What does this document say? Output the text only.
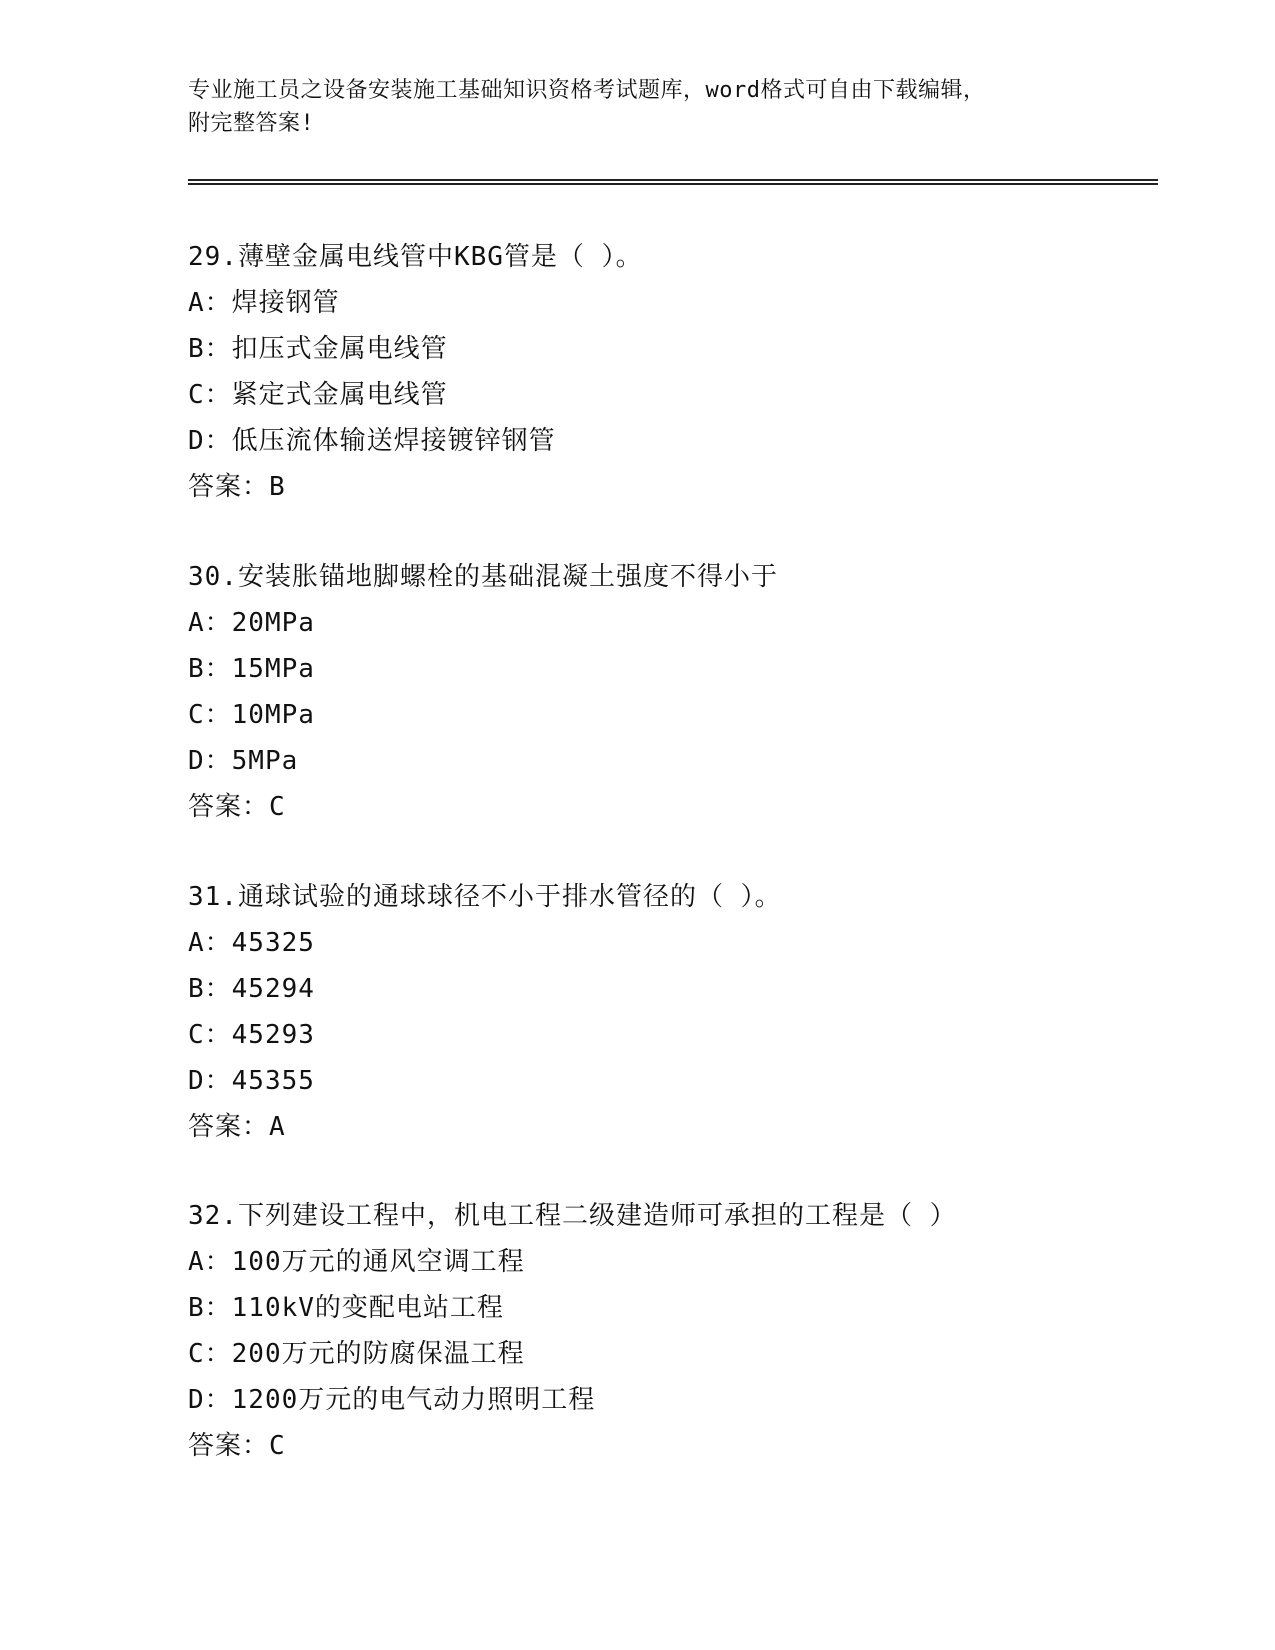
专业施工员之设备安装施工基础知识资格考试题库，word格式可自由下载编辑，
附完整答案!
29.薄壁金属电线管中KBG管是（ ）。
A：焊接钢管
B：扣压式金属电线管
C：紧定式金属电线管
D：低压流体输送焊接镀锌钢管
答案：B
30.安装胀锚地脚螺栓的基础混凝土强度不得小于
A：20MPa
B：15MPa
C：10MPa
D：5MPa
答案：C
31.通球试验的通球球径不小于排水管径的（ ）。
A：45325
B：45294
C：45293
D：45355
答案：A
32.下列建设工程中，机电工程二级建造师可承担的工程是（ ）
A：100万元的通风空调工程
B：110kV的变配电站工程
C：200万元的防腐保温工程
D：1200万元的电气动力照明工程
答案：C
